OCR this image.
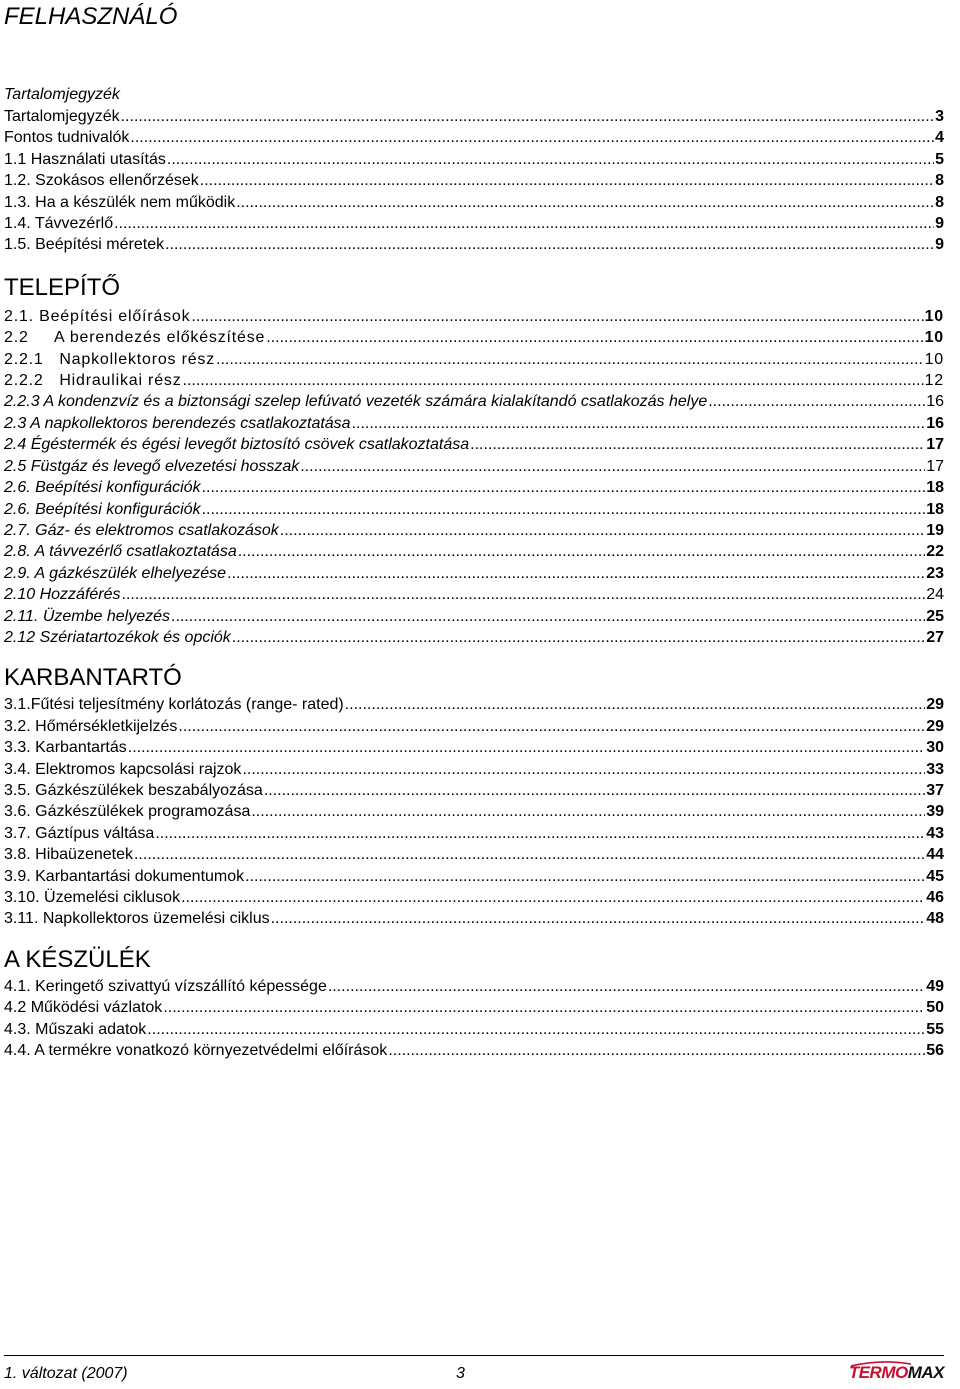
FELHASZNÁLÓ
Tartalomjegyzék
Tartalomjegyzék .....	3
Fontos tudnivalók .....	4
1.1 Használati utasítás .....	5
1.2. Szokásos ellenőrzések .....	8
1.3. Ha a készülék nem működik .....	8
1.4. Távvezérlő .....	9
1.5. Beépítési méretek .....	9
TELEPÍTŐ
2.1. Beépítési előírások .....	10
2.2     A berendezés előkészítése .....	10
2.2.1   Napkollektoros rész .....	10
2.2.2   Hidraulikai rész .....	12
2.2.3 A kondenzvíz és a biztonsági szelep lefúvató vezeték számára kialakítandó csatlakozás helye .....	16
2.3 A napkollektoros berendezés csatlakoztatása .....	16
2.4 Égéstermék és égési levegőt biztosító csövek csatlakoztatása .....	17
2.5 Füstgáz és levegő elvezetési hosszak .....	17
2.6. Beépítési konfigurációk .....	18
2.6. Beépítési konfigurációk .....	18
2.7. Gáz- és elektromos csatlakozások .....	19
2.8. A távvezérlő csatlakoztatása .....	22
2.9. A gázkészülék elhelyezése .....	23
2.10 Hozzáférés .....	24
2.11. Üzembe helyezés .....	25
2.12 Szériatartozékok és opciók .....	27
KARBANTARTÓ
3.1.Fűtési teljesítmény korlátozás (range- rated) .....	29
3.2. Hőmérsékletkijelzés .....	29
3.3. Karbantartás .....	30
3.4. Elektromos kapcsolási rajzok .....	33
3.5. Gázkészülékek beszabályozása .....	37
3.6. Gázkészülékek programozása .....	39
3.7. Gáztípus váltása .....	43
3.8. Hibaüzenetek .....	44
3.9. Karbantartási dokumentumok .....	45
3.10. Üzemelési ciklusok .....	46
3.11. Napkollektoros üzemelési ciklus .....	48
A KÉSZÜLÉK
4.1. Keringető szivattyú vízszállító képessége .....	49
4.2 Működési vázlatok .....	50
4.3. Műszaki adatok .....	55
4.4. A termékre vonatkozó környezetvédelmi előírások .....	56
1. változat (2007)	3	TERMO MAX
